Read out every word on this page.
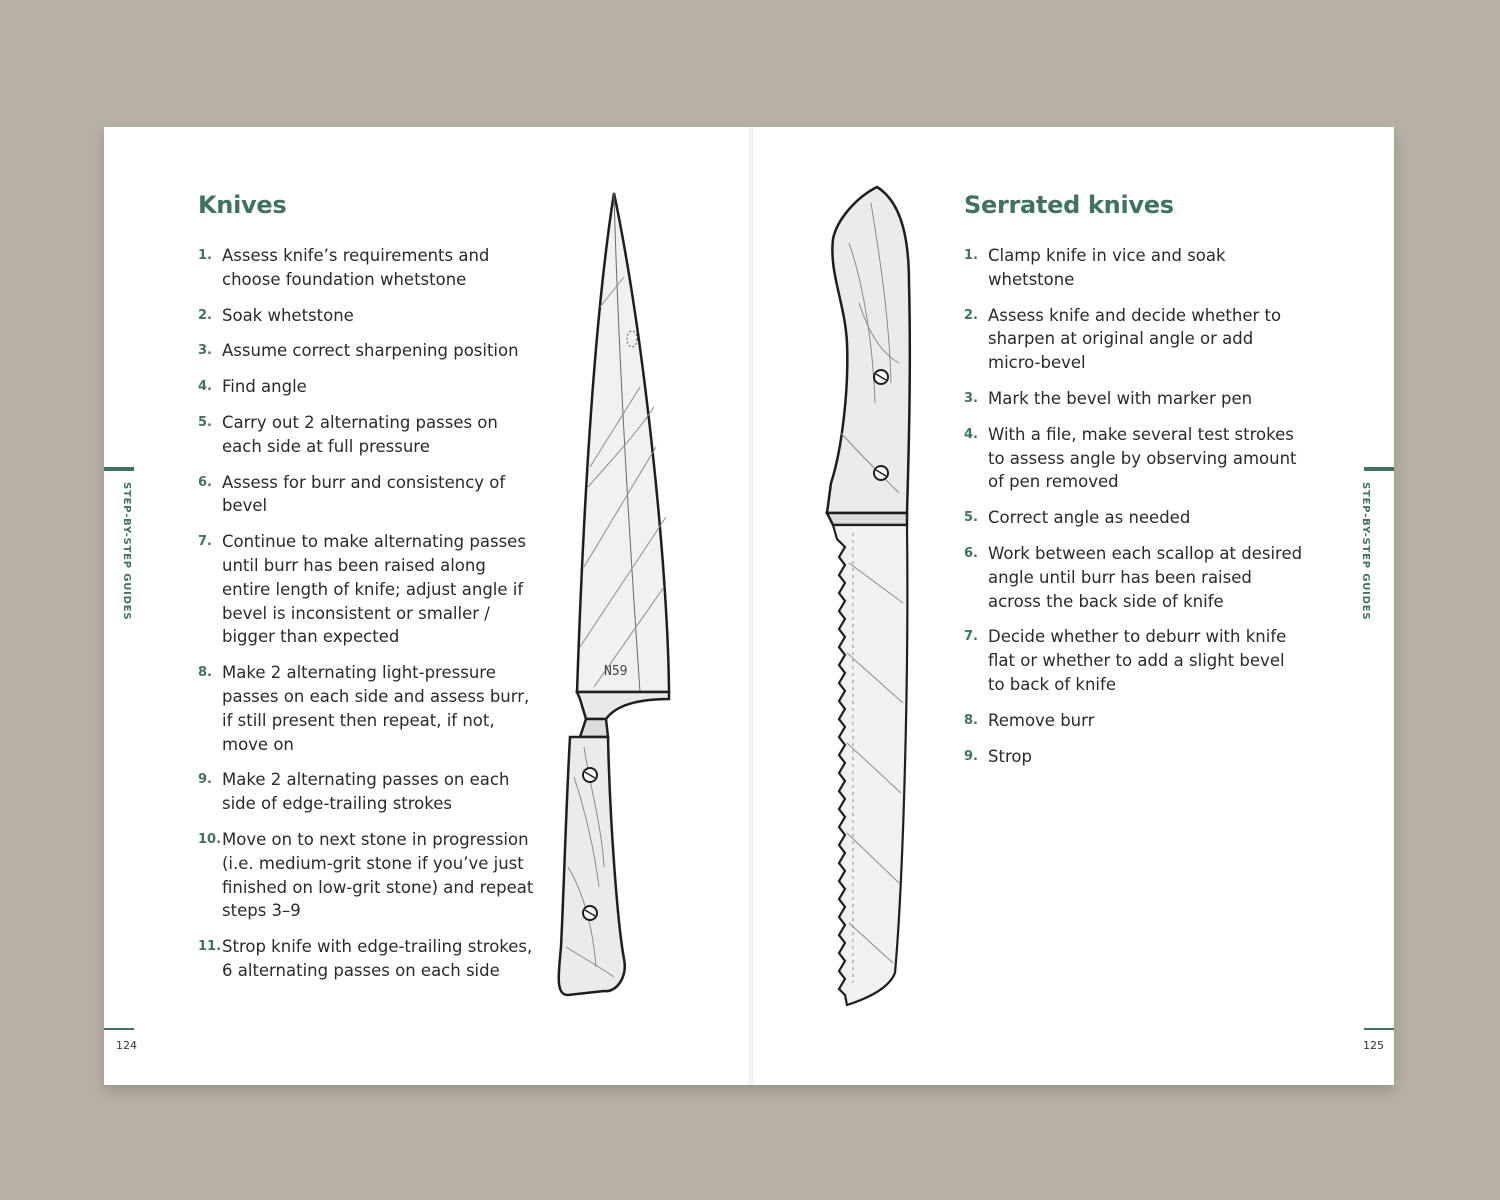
Knives
1. Assess knife’s requirements and choose foundation whetstone
2. Soak whetstone
3. Assume correct sharpening position
4. Find angle
5. Carry out 2 alternating passes on each side at full pressure
6. Assess for burr and consistency of bevel
7. Continue to make alternating passes until burr has been raised along entire length of knife; adjust angle if bevel is inconsistent or smaller / bigger than expected
8. Make 2 alternating light-pressure passes on each side and assess burr, if still present then repeat, if not, move on
9. Make 2 alternating passes on each side of edge-trailing strokes
10. Move on to next stone in progression (i.e. medium-grit stone if you’ve just finished on low-grit stone) and repeat steps 3–9
11. Strop knife with edge-trailing strokes, 6 alternating passes on each side
STEP-BY-STEP GUIDES
124
N59
Serrated knives
1. Clamp knife in vice and soak whetstone
2. Assess knife and decide whether to sharpen at original angle or add micro-bevel
3. Mark the bevel with marker pen
4. With a file, make several test strokes to assess angle by observing amount of pen removed
5. Correct angle as needed
6. Work between each scallop at desired angle until burr has been raised across the back side of knife
7. Decide whether to deburr with knife flat or whether to add a slight bevel to back of knife
8. Remove burr
9. Strop
STEP-BY-STEP GUIDES
125
